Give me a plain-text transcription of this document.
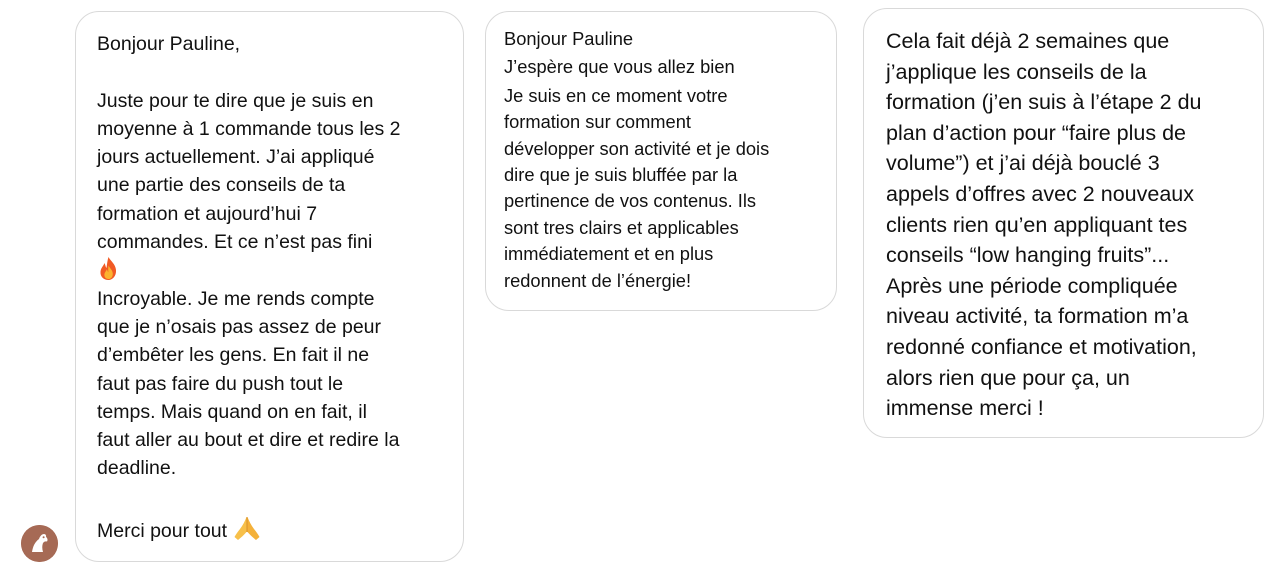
Bonjour Pauline,
Juste pour te dire que je suis en
moyenne à 1 commande tous les 2
jours actuellement. J’ai appliqué
une partie des conseils de ta
formation et aujourd’hui 7
commandes. Et ce n’est pas fini
Incroyable. Je me rends compte
que je n’osais pas assez de peur
d’embêter les gens. En fait il ne
faut pas faire du push tout le
temps. Mais quand on en fait, il
faut aller au bout et dire et redire la
deadline.
Merci pour tout
Bonjour Pauline
J’espère que vous allez bien
Je suis en ce moment votre
formation sur comment
développer son activité et je dois
dire que je suis bluffée par la
pertinence de vos contenus. Ils
sont tres clairs et applicables
immédiatement et en plus
redonnent de l’énergie!
Cela fait déjà 2 semaines que
j’applique les conseils de la
formation (j’en suis à l’étape 2 du
plan d’action pour “faire plus de
volume”) et j’ai déjà bouclé 3
appels d’offres avec 2 nouveaux
clients rien qu’en appliquant tes
conseils “low hanging fruits”...
Après une période compliquée
niveau activité, ta formation m’a
redonné confiance et motivation,
alors rien que pour ça, un
immense merci !
